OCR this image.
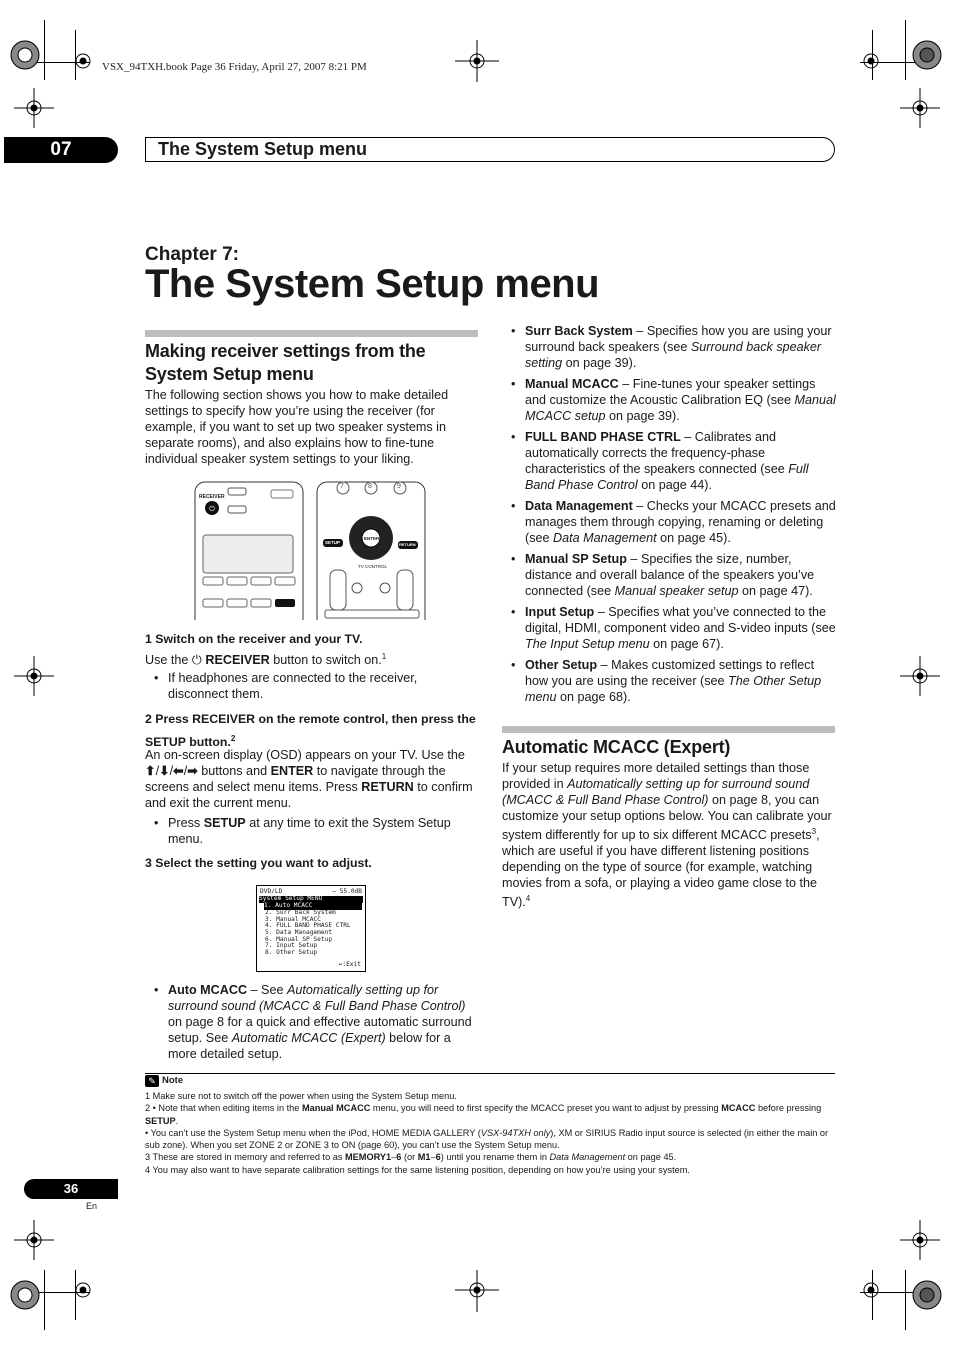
VSX_94TXH.book Page 36 Friday, April 27, 2007 8:21 PM
07	The System Setup menu
Chapter 7:
The System Setup menu
Making receiver settings from the System Setup menu
The following section shows you how to make detailed settings to specify how you’re using the receiver (for example, if you want to set up two speaker systems in separate rooms), and also explains how to fine-tune individual speaker system settings to your liking.
⏻
RECEIVER
ENTER
SETUP	RETURN
TV CONTROL
7	8	9
1 Switch on the receiver and your TV.
Use the ⏻ RECEIVER button to switch on.$^1$
• If headphones are connected to the receiver, disconnect them.
2 Press RECEIVER on the remote control, then press the SETUP button.$^2$
An on-screen display (OSD) appears on your TV. Use the ⬆/⬇/⬅/➡ buttons and ENTER to navigate through the screens and select menu items. Press RETURN to confirm and exit the current menu.
• Press SETUP at any time to exit the System Setup menu.
3 Select the setting you want to adjust.
DVD/LD	– 55.0dB
System Setup MENU
1. Auto MCACC
2. Surr Back System
3. Manual MCACC
4. FULL BAND PHASE CTRL
5. Data Management
6. Manual SP Setup
7. Input Setup
8. Other Setup
↩:Exit
• Auto MCACC – See Automatically setting up for surround sound (MCACC & Full Band Phase Control) on page 8 for a quick and effective automatic surround setup. See Automatic MCACC (Expert) below for a more detailed setup.
• Surr Back System – Specifies how you are using your surround back speakers (see Surround back speaker setting on page 39).
• Manual MCACC – Fine-tunes your speaker settings and customize the Acoustic Calibration EQ (see Manual MCACC setup on page 39).
• FULL BAND PHASE CTRL – Calibrates and automatically corrects the frequency-phase characteristics of the speakers connected (see Full Band Phase Control on page 44).
• Data Management – Checks your MCACC presets and manages them through copying, renaming or deleting (see Data Management on page 45).
• Manual SP Setup – Specifies the size, number, distance and overall balance of the speakers you’ve connected (see Manual speaker setup on page 47).
• Input Setup – Specifies what you’ve connected to the digital, HDMI, component video and S-video inputs (see The Input Setup menu on page 67).
• Other Setup – Makes customized settings to reflect how you are using the receiver (see The Other Setup menu on page 68).
Automatic MCACC (Expert)
If your setup requires more detailed settings than those provided in Automatically setting up for surround sound (MCACC & Full Band Phase Control) on page 8, you can customize your setup options below. You can calibrate your system differently for up to six different MCACC presets$^3$, which are useful if you have different listening positions depending on the type of source (for example, watching movies from a sofa, or playing a video game close to the TV).$^4$
✎ Note
1 Make sure not to switch off the power when using the System Setup menu.
2 • Note that when editing items in the Manual MCACC menu, you will need to first specify the MCACC preset you want to adjust by pressing MCACC before pressing SETUP.
• You can’t use the System Setup menu when the iPod, HOME MEDIA GALLERY (VSX-94TXH only), XM or SIRIUS Radio input source is selected (in either the main or sub zone). When you set ZONE 2 or ZONE 3 to ON (page 60), you can’t use the System Setup menu.
3 These are stored in memory and referred to as MEMORY1–6 (or M1–6) until you rename them in Data Management on page 45.
4 You may also want to have separate calibration settings for the same listening position, depending on how you’re using your system.
36
En
